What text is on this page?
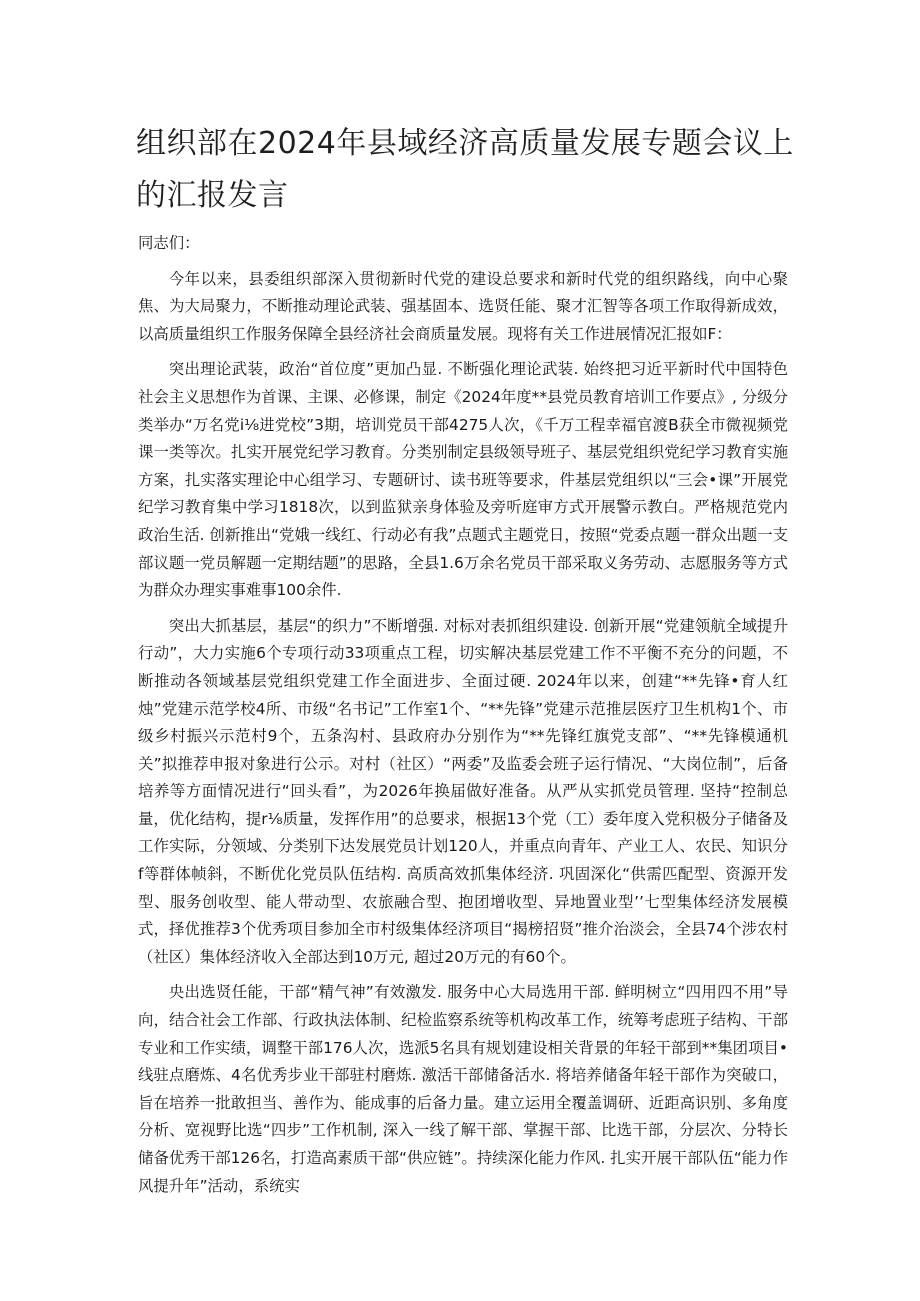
组织部在2024年县域经济高质量发展专题会议上的汇报发言

同志们：

今年以来，县委组织部深入贯彻新时代党的建设总要求和新时代党的组织路线，向中心聚焦、为大局聚力，不断推动理论武装、强基固本、选贤任能、聚才汇智等各项工作取得新成效，以高质量组织工作服务保障全县经济社会商质量发展。现将有关工作进展情况汇报如F：

突出理论武装，政治“首位度”更加凸显. 不断强化理论武装. 始终把习近平新时代中国特色社会主义思想作为首课、主课、必修课，制定《2024年度**县党员教育培训工作要点》, 分级分类举办“万名党i⅛进党校”3期，培训党员干部4275人次，《千万工程幸福官渡B获全市微视频党课一类等次。扎实开展党纪学习教育。分类别制定县级领导班子、基层党组织党纪学习教育实施方案，扎实落实理论中心组学习、专题研讨、读书班等要求，件基层党组织以“三会•课”开展党纪学习教育集中学习1818次，以到监狱亲身体验及旁听庭审方式开展警示教白。严格规范党内政治生活. 创新推出“党娥一线红、行动必有我”点题式主题党日，按照“党委点题一群众出题一支部议题一党员解题一定期结题”的思路，全县1.6万余名党员干部采取义务劳动、志愿服务等方式为群众办理实事难事100余件.

突出大抓基层，基层“的织力”不断增强. 对标对表抓组织建设. 创新开展“党建领航全域提升行动”，大力实施6个专项行动33项重点工程，切实解决基层党建工作不平衡不充分的问题，不断推动各领域基层党组织党建工作全面进步、全面过硬. 2024年以来，创建“**先锋•育人红烛”党建示范学校4所、市级“名书记”工作室1个、“**先锋”党建示范推层医疗卫生机构1个、市级乡村振兴示范村9个，五条沟村、县政府办分别作为“**先锋红旗党支部”、“**先锋模通机关”拟推荐申报对象进行公示。对村（社区）“两委”及监委会班子运行情况、“大岗位制”，后备培养等方面情况进行“回头看”，为2026年换届做好准备。从严从实抓党员管理. 坚持“控制总量，优化结构，提r⅛质量，发挥作用”的总要求，根据13个党（工）委年度入党积极分子储备及工作实际，分领域、分类别下达发展党员计划120人，并重点向青年、产业工人、农民、知识分f等群体帧斜，不断优化党员队伍结构. 高质高效抓集体经济. 巩固深化“供需匹配型、资源开发型、服务创收型、能人带动型、农旅融合型、抱团增收型、异地置业型’’七型集体经济发展模式，择优推荐3个优秀项目参加全市村级集体经济项目“揭榜招贤”推介治淡会，全县74个涉农村（社区）集体经济收入全部达到10万元, 超过20万元的有60个。

央出选贤任能，干部“精气神”有效激发. 服务中心大局选用干部. 鲜明树立“四用四不用”导向，结合社会工作部、行政执法体制、纪检监察系统等机构改革工作，统筹考虑班子结构、干部专业和工作实绩，调整干部176人次，选派5名具有规划建设相关背景的年轻干部到**集团项目•线驻点磨炼、4名优秀步业干部驻村磨炼. 激活干部储备活水. 将培养储备年轻干部作为突破口，旨在培养一批敢担当、善作为、能成事的后备力量。建立运用全覆盖调研、近距高识别、多角度分析、宽视野比选“四步”工作机制, 深入一线了解干部、掌握干部、比选干部，分层次、分特长储备优秀干部126名，打造高素质干部“供应链”。持续深化能力作风. 扎实开展干部队伍“能力作风提升年”活动，系统实
